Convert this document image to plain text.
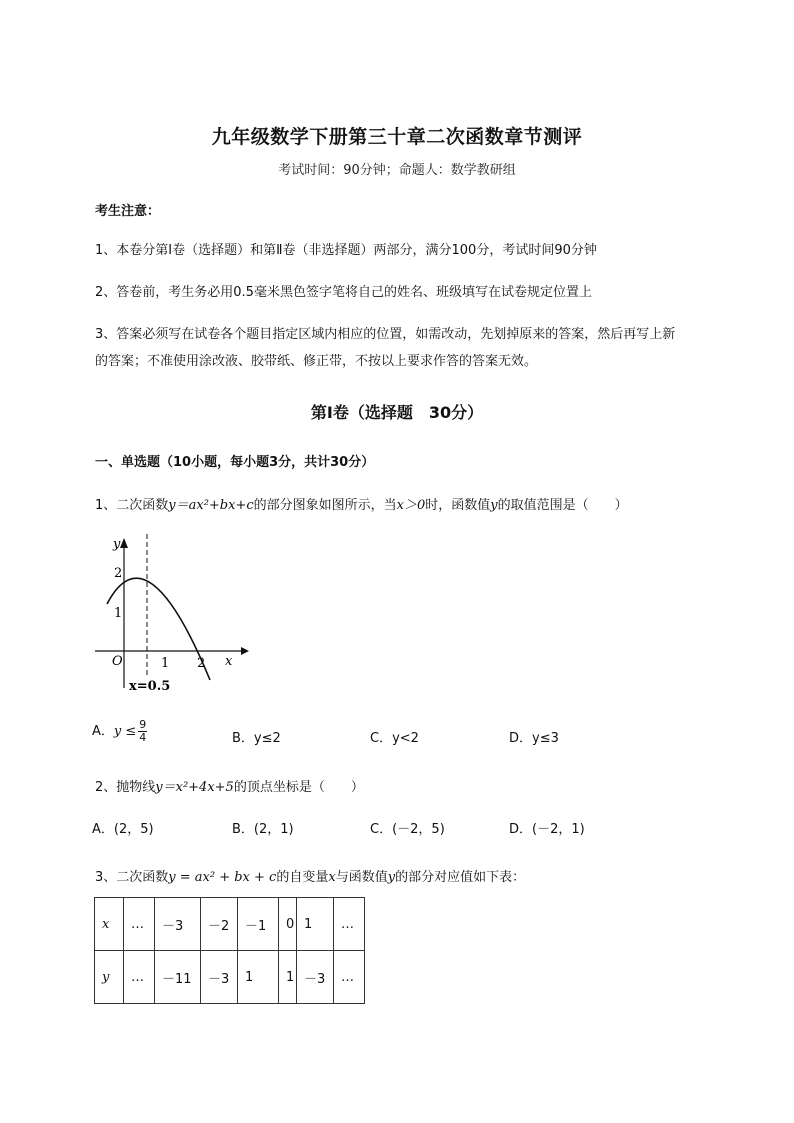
九年级数学下册第三十章二次函数章节测评
考试时间：90分钟；命题人：数学教研组
考生注意：
1、本卷分第Ⅰ卷（选择题）和第Ⅱ卷（非选择题）两部分，满分100分，考试时间90分钟
2、答卷前，考生务必用0.5毫米黑色签字笔将自己的姓名、班级填写在试卷规定位置上
3、答案必须写在试卷各个题目指定区域内相应的位置，如需改动，先划掉原来的答案，然后再写上新
的答案；不准使用涂改液、胶带纸、修正带，不按以上要求作答的答案无效。
第Ⅰ卷（选择题　30分）
一、单选题（10小题，每小题3分，共计30分）
1、二次函数y＝ax²+bx+c的部分图象如图所示，当x＞0时，函数值y的取值范围是（　　）
y
x
O
1
2
1 2
x=0.5
A．$y \le \frac{9}{4}$	B．y≤2	C．y<2	D．y≤3
2、抛物线y＝x²+4x+5的顶点坐标是（　　）
A．(2，5)	B．(2，1)	C．(－2，5)	D．(－2，1)
3、二次函数y = ax² + bx + c的自变量x与函数值y的部分对应值如下表：
x	…	－3	－2	－1	0	1	…
y	…	－11	－3	1	1	－3	…
